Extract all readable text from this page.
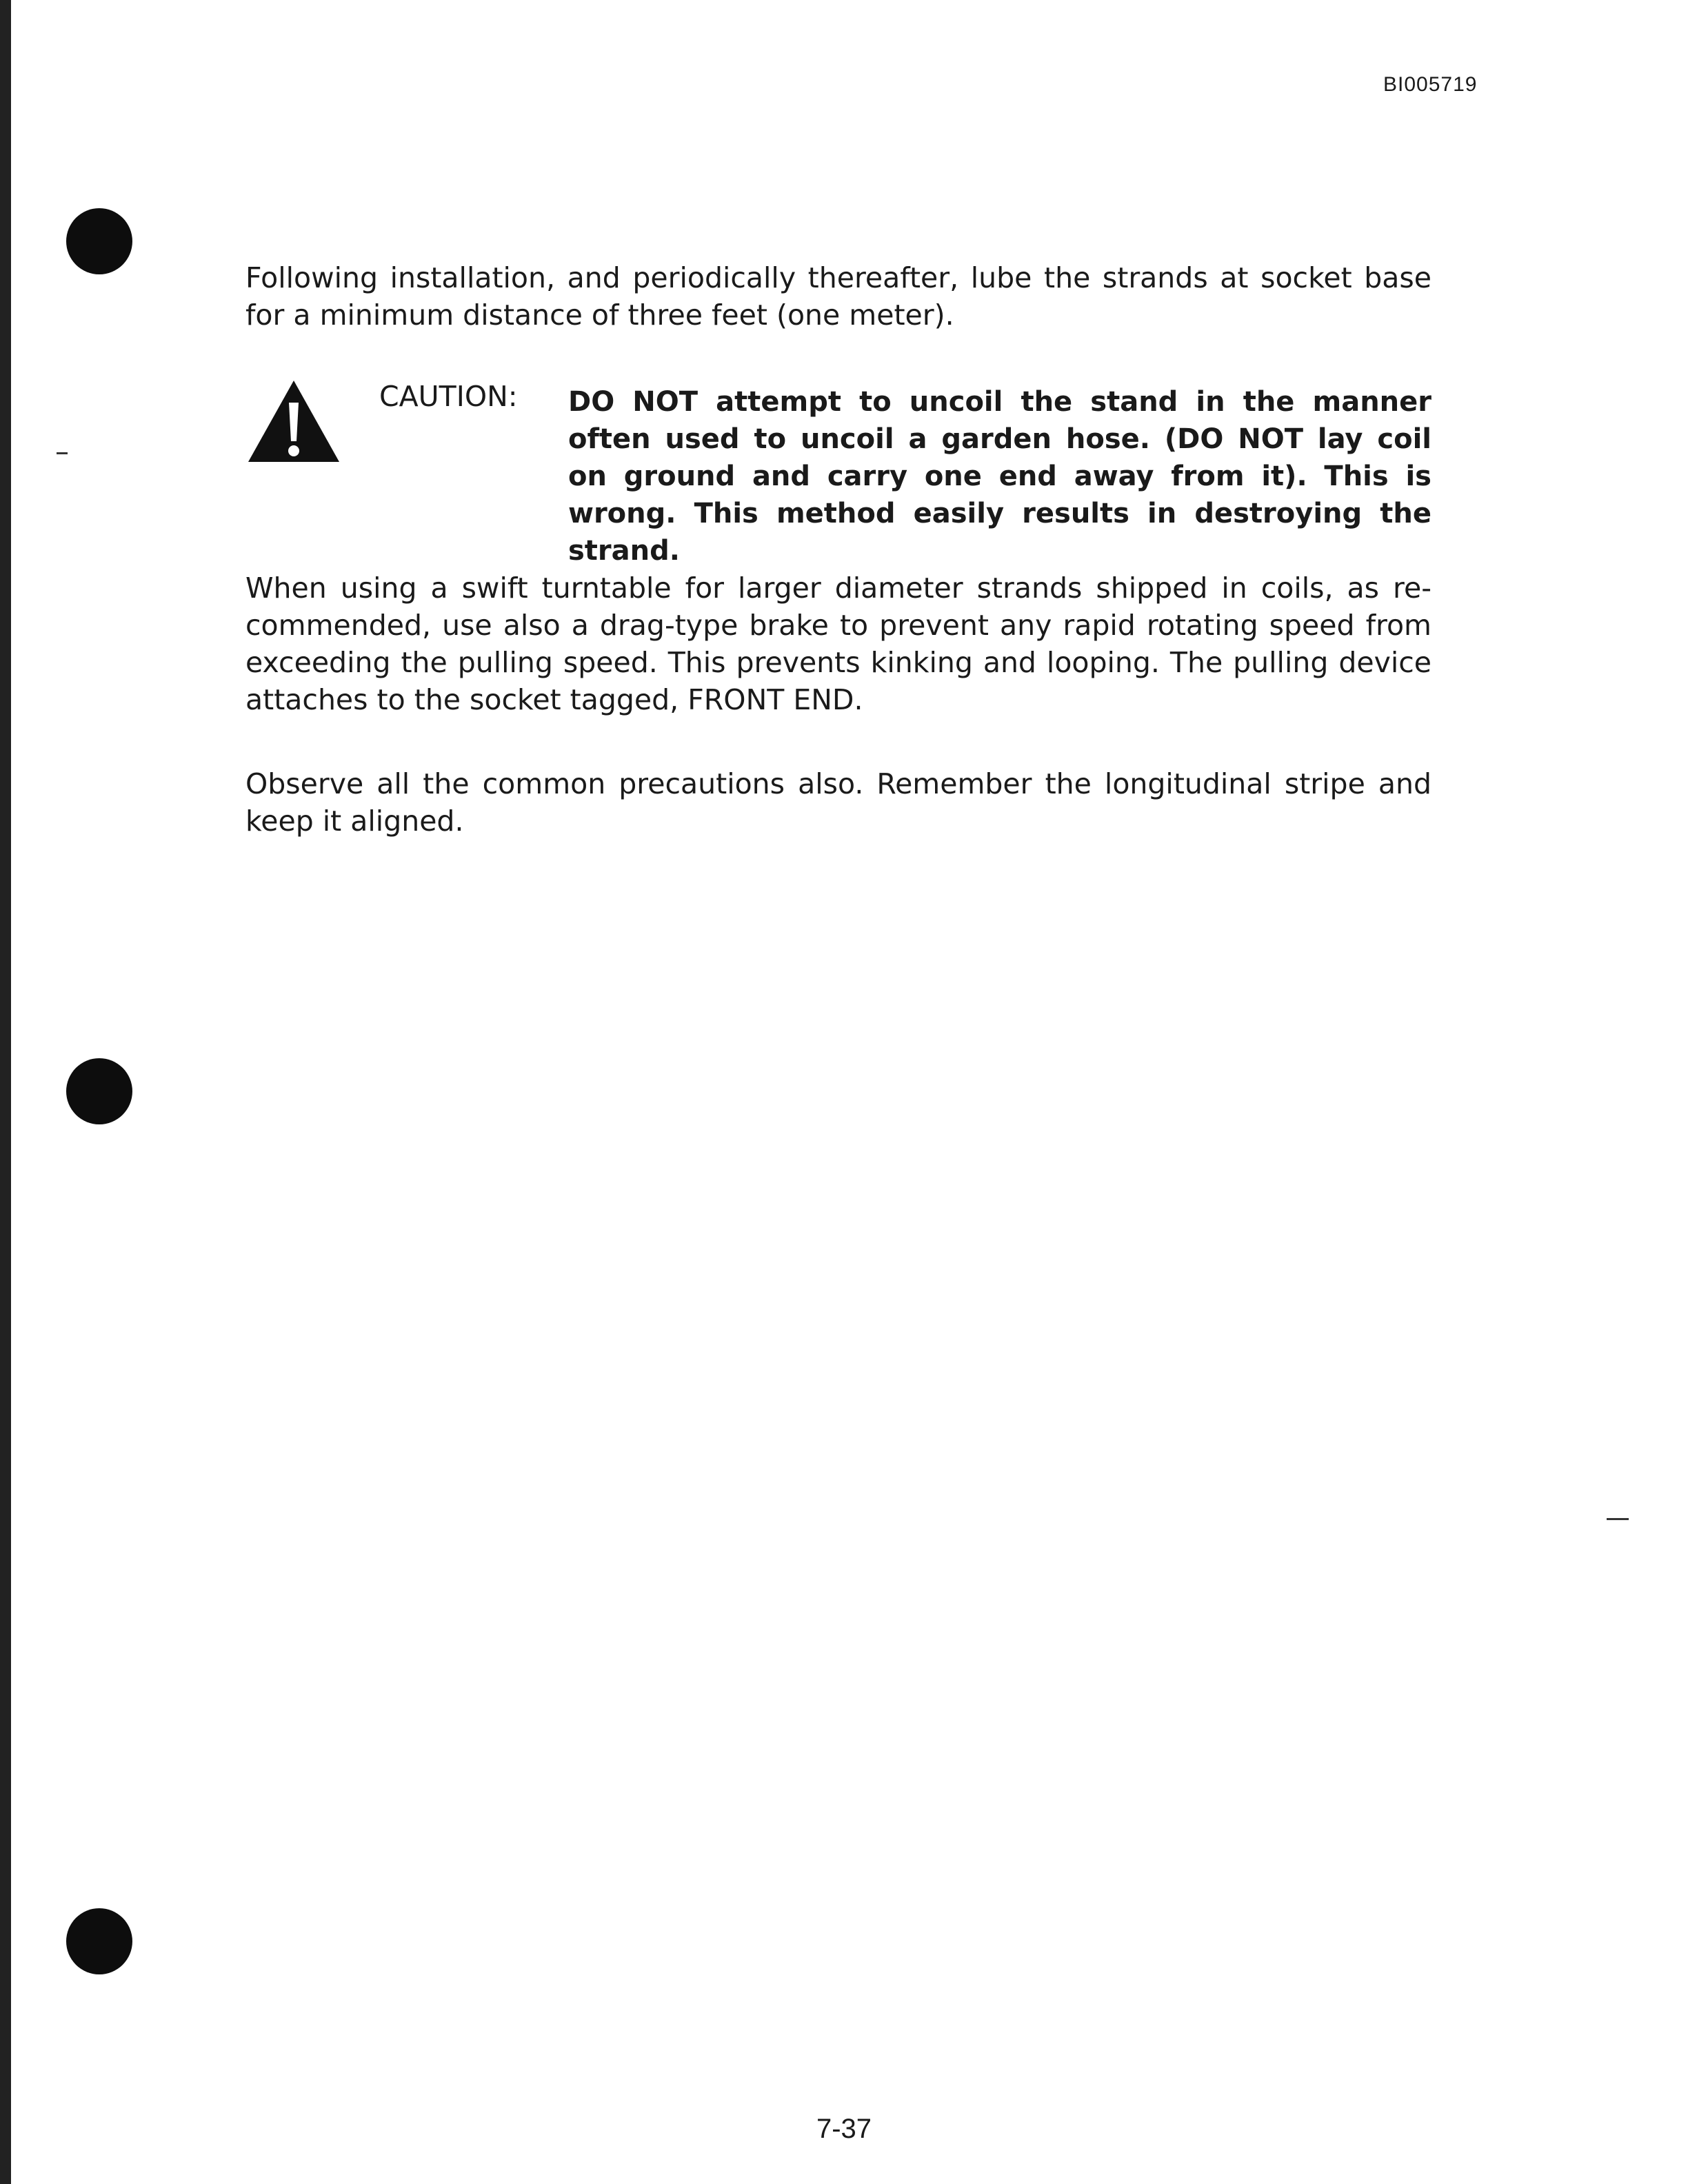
BI005719

Following installation, and periodically thereafter, lube the strands at socket base for a minimum distance of three feet (one meter).

CAUTION: DO NOT attempt to uncoil the stand in the manner often used to uncoil a garden hose. (DO NOT lay coil on ground and carry one end away from it). This is wrong. This method easily results in destroying the strand.

When using a swift turntable for larger diameter strands shipped in coils, as re-commended, use also a drag-type brake to prevent any rapid rotating speed from exceeding the pulling speed. This prevents kinking and looping. The pulling device attaches to the socket tagged, FRONT END.

Observe all the common precautions also. Remember the longitudinal stripe and keep it aligned.

7-37
